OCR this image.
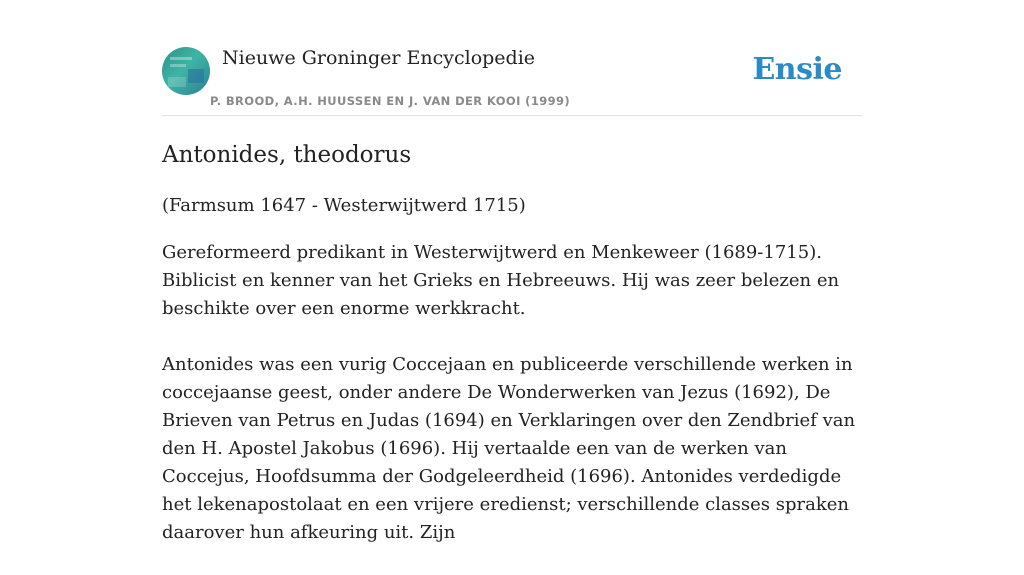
Nieuwe Groninger Encyclopedie
P. BROOD, A.H. HUUSSEN EN J. VAN DER KOOI (1999)
Ensie
Antonides, theodorus

(Farmsum 1647 - Westerwijtwerd 1715)

Gereformeerd predikant in Westerwijtwerd en Menkeweer (1689-1715). Biblicist en kenner van het Grieks en Hebreeuws. Hij was zeer belezen en beschikte over een enorme werkkracht.

Antonides was een vurig Coccejaan en publiceerde verschillende werken in coccejaanse geest, onder andere De Wonderwerken van Jezus (1692), De Brieven van Petrus en Judas (1694) en Verklaringen over den Zendbrief van den H. Apostel Jakobus (1696). Hij vertaalde een van de werken van Coccejus, Hoofdsumma der Godgeleerdheid (1696). Antonides verdedigde het lekenapostolaat en een vrijere eredienst; verschillende classes spraken daarover hun afkeuring uit. Zijn
